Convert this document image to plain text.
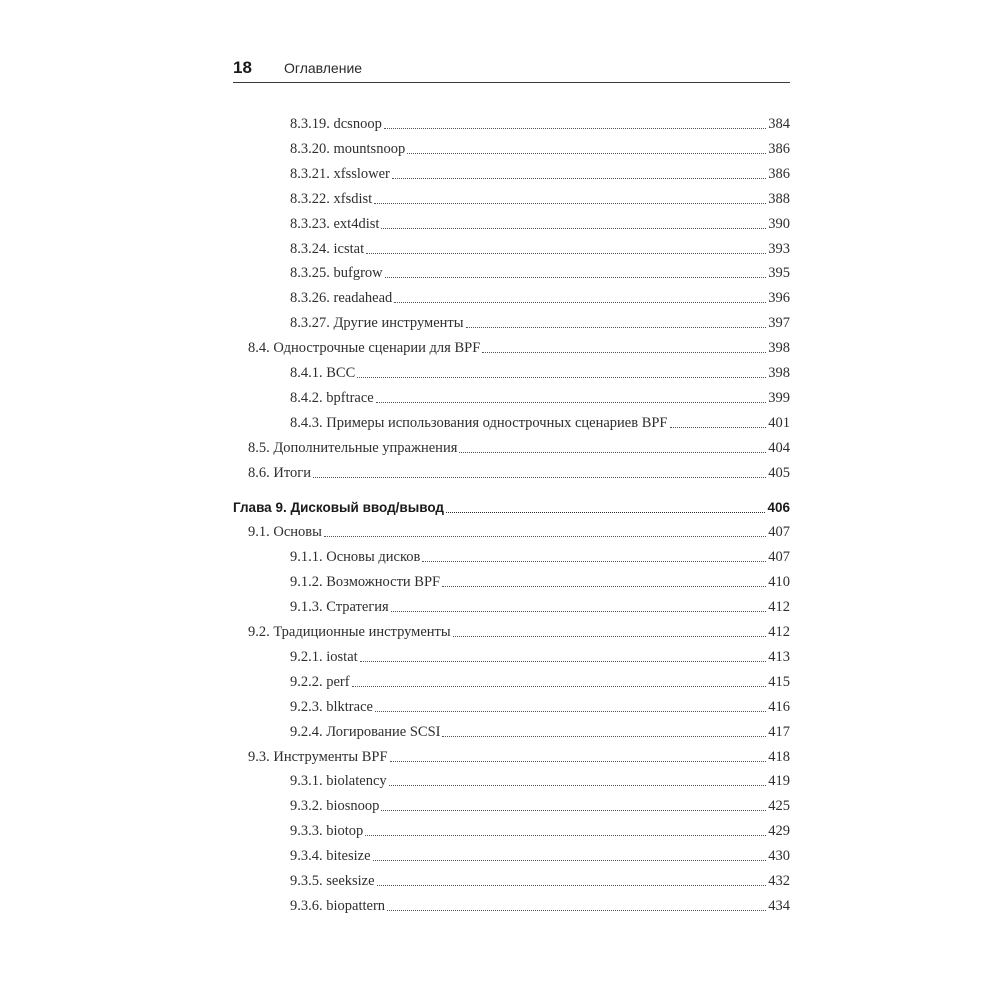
18 Оглавление
8.3.19. dcsnoop	384
8.3.20. mountsnoop	386
8.3.21. xfsslower	386
8.3.22. xfsdist	388
8.3.23. ext4dist	390
8.3.24. icstat	393
8.3.25. bufgrow	395
8.3.26. readahead	396
8.3.27. Другие инструменты	397
8.4. Однострочные сценарии для BPF	398
8.4.1. BCC	398
8.4.2. bpftrace	399
8.4.3. Примеры использования однострочных сценариев BPF	401
8.5. Дополнительные упражнения	404
8.6. Итоги	405
Глава 9. Дисковый ввод/вывод	406
9.1. Основы	407
9.1.1. Основы дисков	407
9.1.2. Возможности BPF	410
9.1.3. Стратегия	412
9.2. Традиционные инструменты	412
9.2.1. iostat	413
9.2.2. perf	415
9.2.3. blktrace	416
9.2.4. Логирование SCSI	417
9.3. Инструменты BPF	418
9.3.1. biolatency	419
9.3.2. biosnoop	425
9.3.3. biotop	429
9.3.4. bitesize	430
9.3.5. seeksize	432
9.3.6. biopattern	434
